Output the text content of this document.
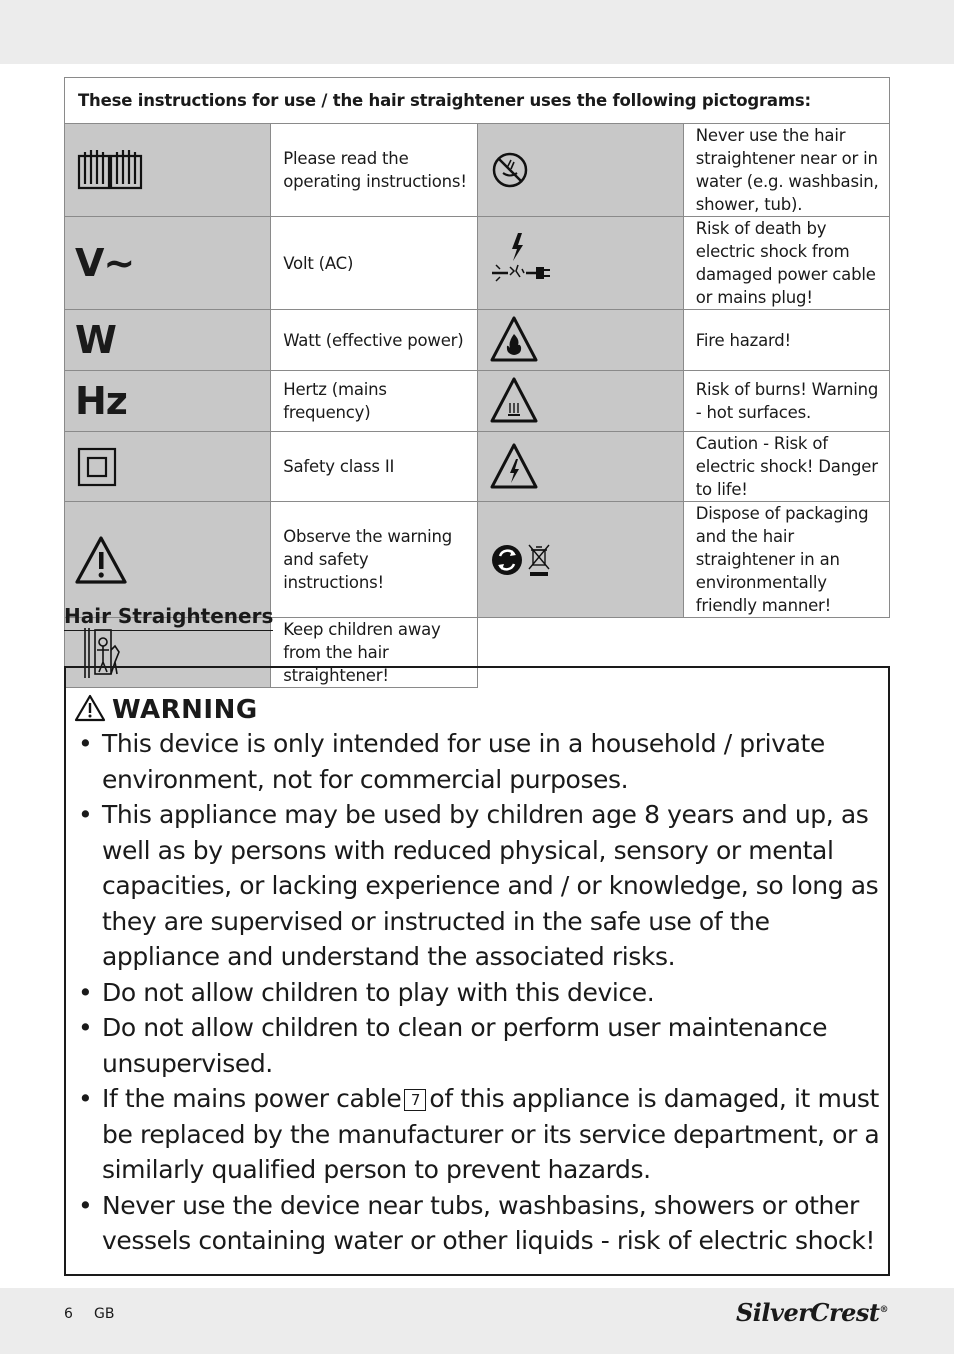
These instructions for use / the hair straightener uses the following pictograms:			

	Please read the operating instructions!		Never use the hair straightener near or in water (e.g. washbasin, shower, tub).
V~	Volt (AC)		Risk of death by electric shock from damaged power cable or mains plug!
W	Watt (effective power)		Fire hazard!
Hz	Hertz (mains frequency)		Risk of burns! Warning - hot surfaces.

	Safety class II		Caution - Risk of electric shock! Danger to life!

	Observe the warning and safety instructions!		Dispose of packaging and the hair straightener in an environmentally friendly manner!

	Keep children away from the hair straightener!		
Hair Straighteners
WARNING
• This device is only intended for use in a household / private environment, not for commercial purposes.
• This appliance may be used by children age 8 years and up, as well as by persons with reduced physical, sensory or mental capacities, or lacking experience and / or knowledge, so long as they are supervised or instructed in the safe use of the appliance and understand the associated risks.
• Do not allow children to play with this device.
• Do not allow children to clean or perform user maintenance unsupervised.
• If the mains power cable 7 of this appliance is damaged, it must be replaced by the manufacturer or its service department, or a similarly qualified person to prevent hazards.
• Never use the device near tubs, washbasins, showers or other vessels containing water or other liquids - risk of electric shock!
6 GB	SilverCrest®
